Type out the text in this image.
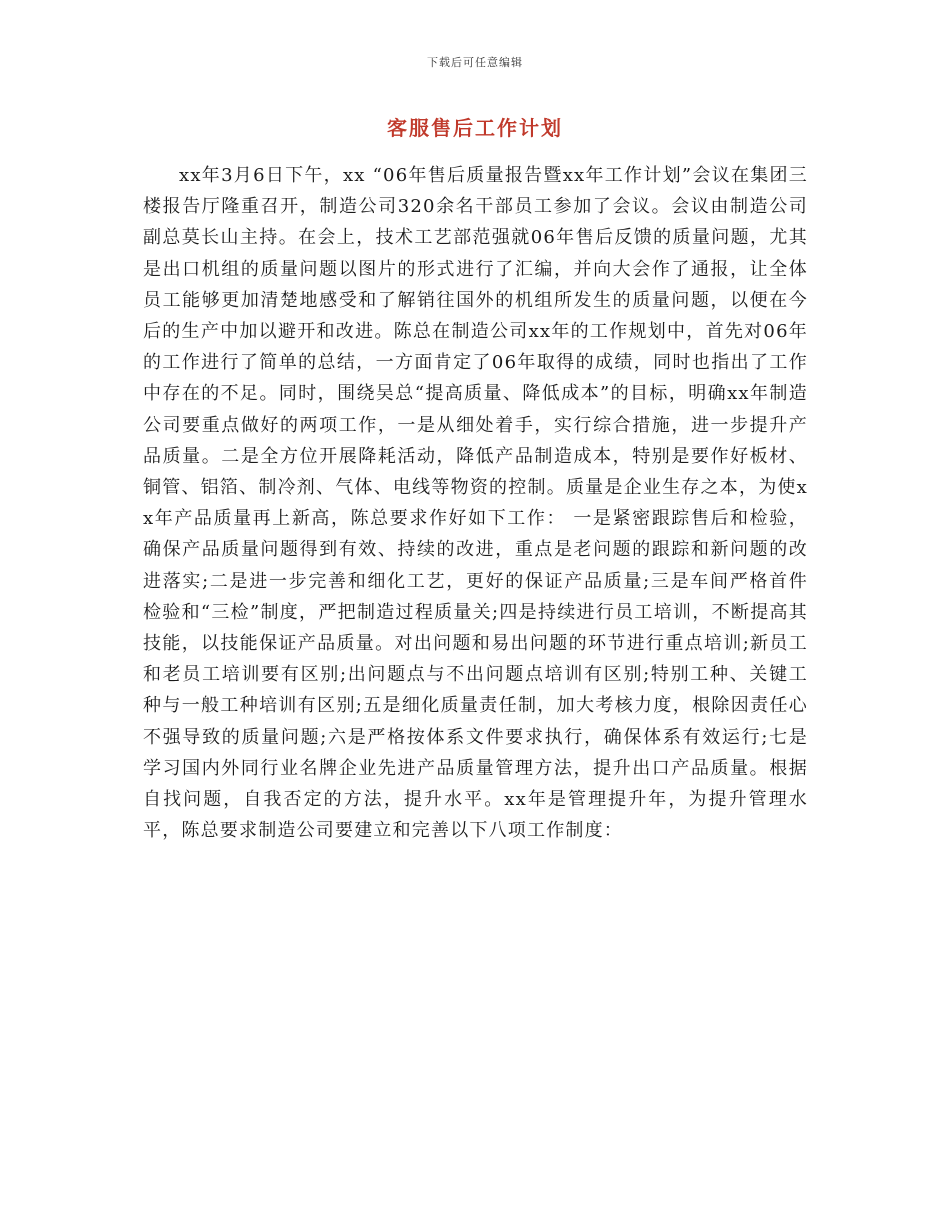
下载后可任意编辑
客服售后工作计划

xx年3月6日下午，xx “06年售后质量报告暨xx年工作计划”会议在集团三楼报告厅隆重召开，制造公司320余名干部员工参加了会议。会议由制造公司副总莫长山主持。在会上，技术工艺部范强就06年售后反馈的质量问题，尤其是出口机组的质量问题以图片的形式进行了汇编，并向大会作了通报，让全体员工能够更加清楚地感受和了解销往国外的机组所发生的质量问题，以便在今后的生产中加以避开和改进。陈总在制造公司xx年的工作规划中，首先对06年的工作进行了简单的总结，一方面肯定了06年取得的成绩，同时也指出了工作中存在的不足。同时，围绕吴总“提高质量、降低成本”的目标，明确xx年制造公司要重点做好的两项工作，一是从细处着手，实行综合措施，进一步提升产品质量。二是全方位开展降耗活动，降低产品制造成本，特别是要作好板材、铜管、铝箔、制冷剂、气体、电线等物资的控制。质量是企业生存之本，为使xx年产品质量再上新高，陈总要求作好如下工作： 一是紧密跟踪售后和检验，确保产品质量问题得到有效、持续的改进，重点是老问题的跟踪和新问题的改进落实;二是进一步完善和细化工艺，更好的保证产品质量;三是车间严格首件检验和“三检”制度，严把制造过程质量关;四是持续进行员工培训，不断提高其技能，以技能保证产品质量。对出问题和易出问题的环节进行重点培训;新员工和老员工培训要有区别;出问题点与不出问题点培训有区别;特别工种、关键工种与一般工种培训有区别;五是细化质量责任制，加大考核力度，根除因责任心不强导致的质量问题;六是严格按体系文件要求执行，确保体系有效运行;七是学习国内外同行业名牌企业先进产品质量管理方法，提升出口产品质量。根据自找问题，自我否定的方法，提升水平。xx年是管理提升年，为提升管理水平，陈总要求制造公司要建立和完善以下八项工作制度：
